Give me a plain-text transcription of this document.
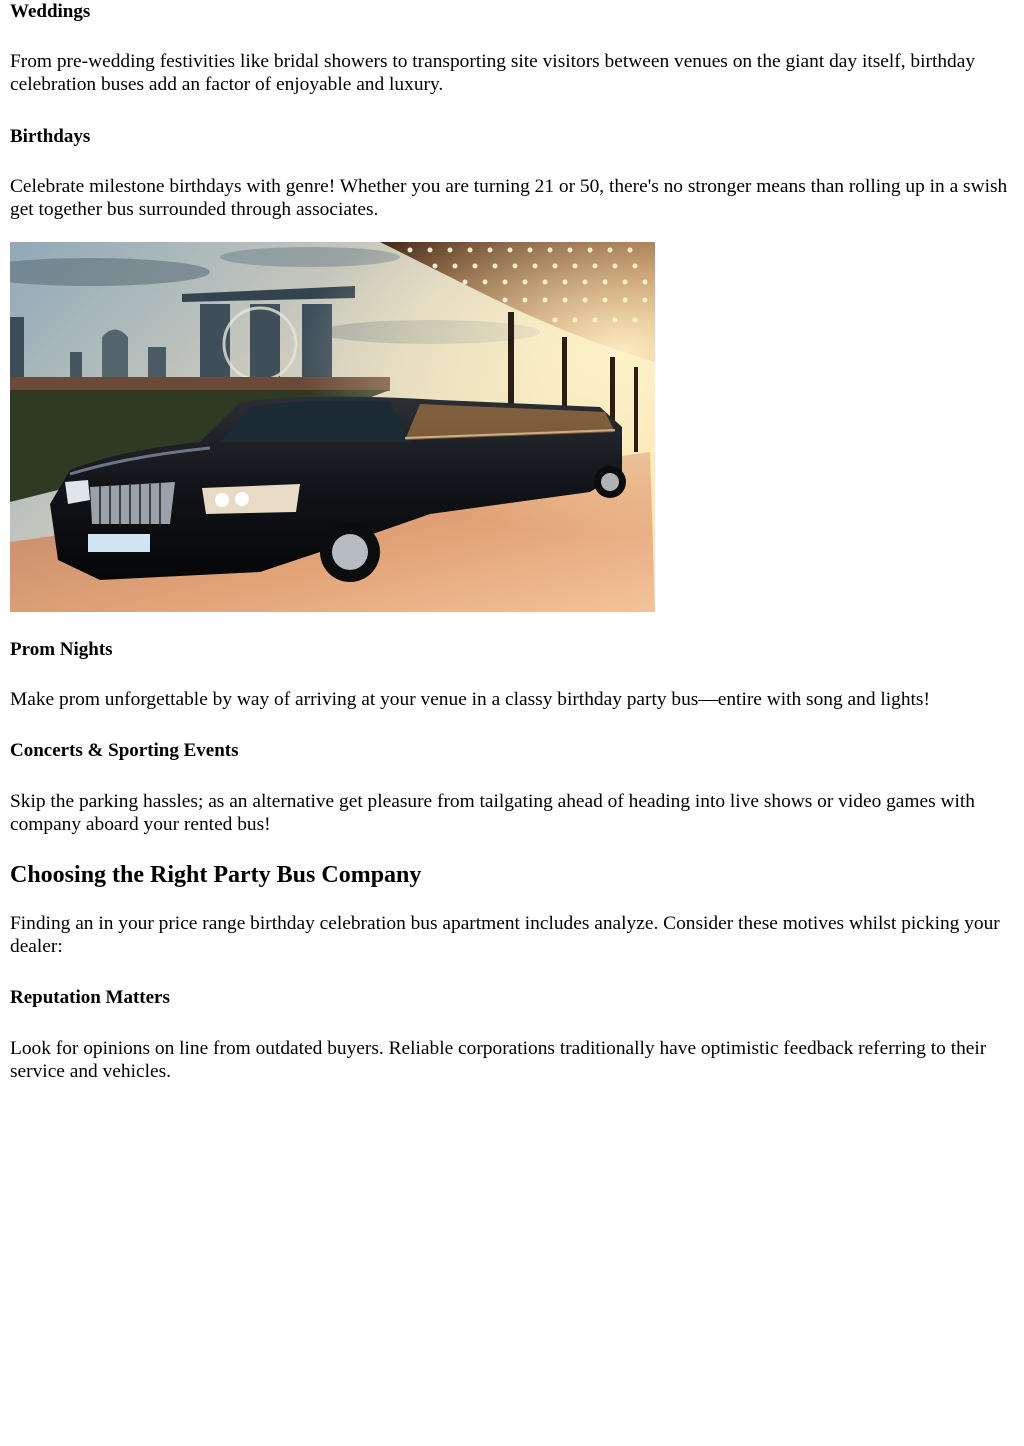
Weddings

From pre-wedding festivities like bridal showers to transporting site visitors between venues on the giant day itself, birthday celebration buses add an factor of enjoyable and luxury.

Birthdays

Celebrate milestone birthdays with genre! Whether you are turning 21 or 50, there's no stronger means than rolling up in a swish get together bus surrounded through associates.

Prom Nights

Make prom unforgettable by way of arriving at your venue in a classy birthday party bus—entire with song and lights!

Concerts & Sporting Events

Skip the parking hassles; as an alternative get pleasure from tailgating ahead of heading into live shows or video games with company aboard your rented bus!

Choosing the Right Party Bus Company

Finding an in your price range birthday celebration bus apartment includes analyze. Consider these motives whilst picking your dealer:

Reputation Matters

Look for opinions on line from outdated buyers. Reliable corporations traditionally have optimistic feedback referring to their service and vehicles.
